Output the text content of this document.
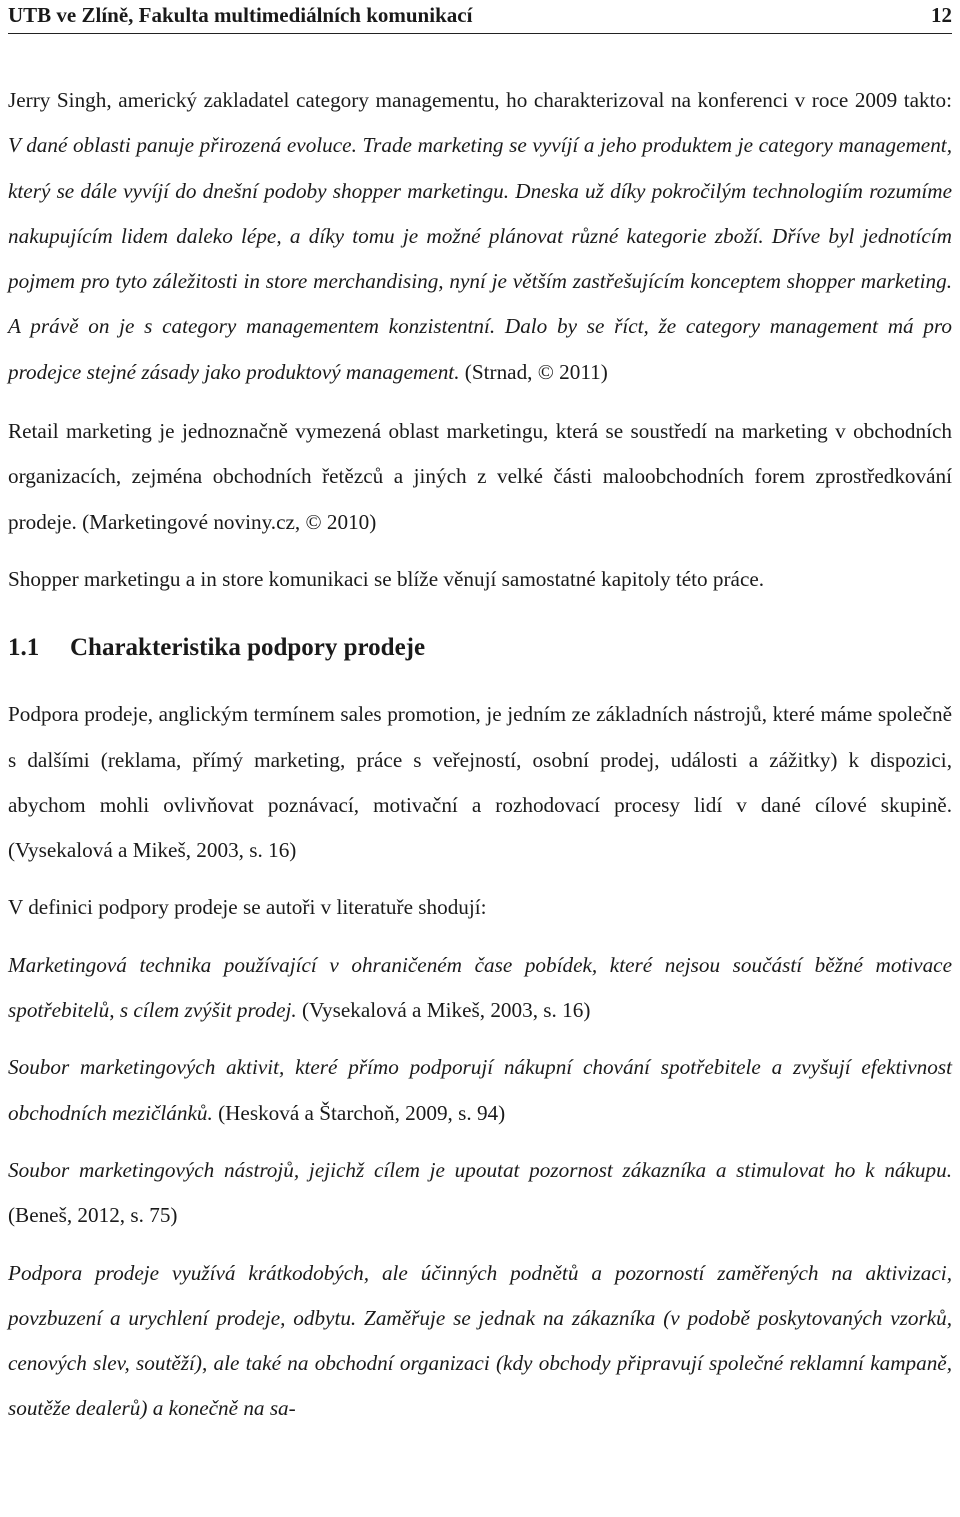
UTB ve Zlíně, Fakulta multimediálních komunikací	12

Jerry Singh, americký zakladatel category managementu, ho charakterizoval na konferenci v roce 2009 takto: V dané oblasti panuje přirozená evoluce. Trade marketing se vyvíjí a jeho produktem je category management, který se dále vyvíjí do dnešní podoby shopper marketingu. Dneska už díky pokročilým technologiím rozumíme nakupujícím lidem daleko lépe, a díky tomu je možné plánovat různé kategorie zboží. Dříve byl jednotícím pojmem pro tyto záležitosti in store merchandising, nyní je větším zastřešujícím konceptem shopper marketing. A právě on je s category managementem konzistentní. Dalo by se říct, že category management má pro prodejce stejné zásady jako produktový management. (Strnad, © 2011)

Retail marketing je jednoznačně vymezená oblast marketingu, která se soustředí na marketing v obchodních organizacích, zejména obchodních řetězců a jiných z velké části maloobchodních forem zprostředkování prodeje. (Marketingové noviny.cz, © 2010)

Shopper marketingu a in store komunikaci se blíže věnují samostatné kapitoly této práce.

1.1 Charakteristika podpory prodeje

Podpora prodeje, anglickým termínem sales promotion, je jedním ze základních nástrojů, které máme společně s dalšími (reklama, přímý marketing, práce s veřejností, osobní prodej, události a zážitky) k dispozici, abychom mohli ovlivňovat poznávací, motivační a rozhodovací procesy lidí v dané cílové skupině. (Vysekalová a Mikeš, 2003, s. 16)

V definici podpory prodeje se autoři v literatuře shodují:

Marketingová technika používající v ohraničeném čase pobídek, které nejsou součástí běžné motivace spotřebitelů, s cílem zvýšit prodej. (Vysekalová a Mikeš, 2003, s. 16)

Soubor marketingových aktivit, které přímo podporují nákupní chování spotřebitele a zvyšují efektivnost obchodních mezičlánků. (Hesková a Štarchoň, 2009, s. 94)

Soubor marketingových nástrojů, jejichž cílem je upoutat pozornost zákazníka a stimulovat ho k nákupu. (Beneš, 2012, s. 75)

Podpora prodeje využívá krátkodobých, ale účinných podnětů a pozorností zaměřených na aktivizaci, povzbuzení a urychlení prodeje, odbytu. Zaměřuje se jednak na zákazníka (v podobě poskytovaných vzorků, cenových slev, soutěží), ale také na obchodní organizaci (kdy obchody připravují společné reklamní kampaně, soutěže dealerů) a konečně na sa-
